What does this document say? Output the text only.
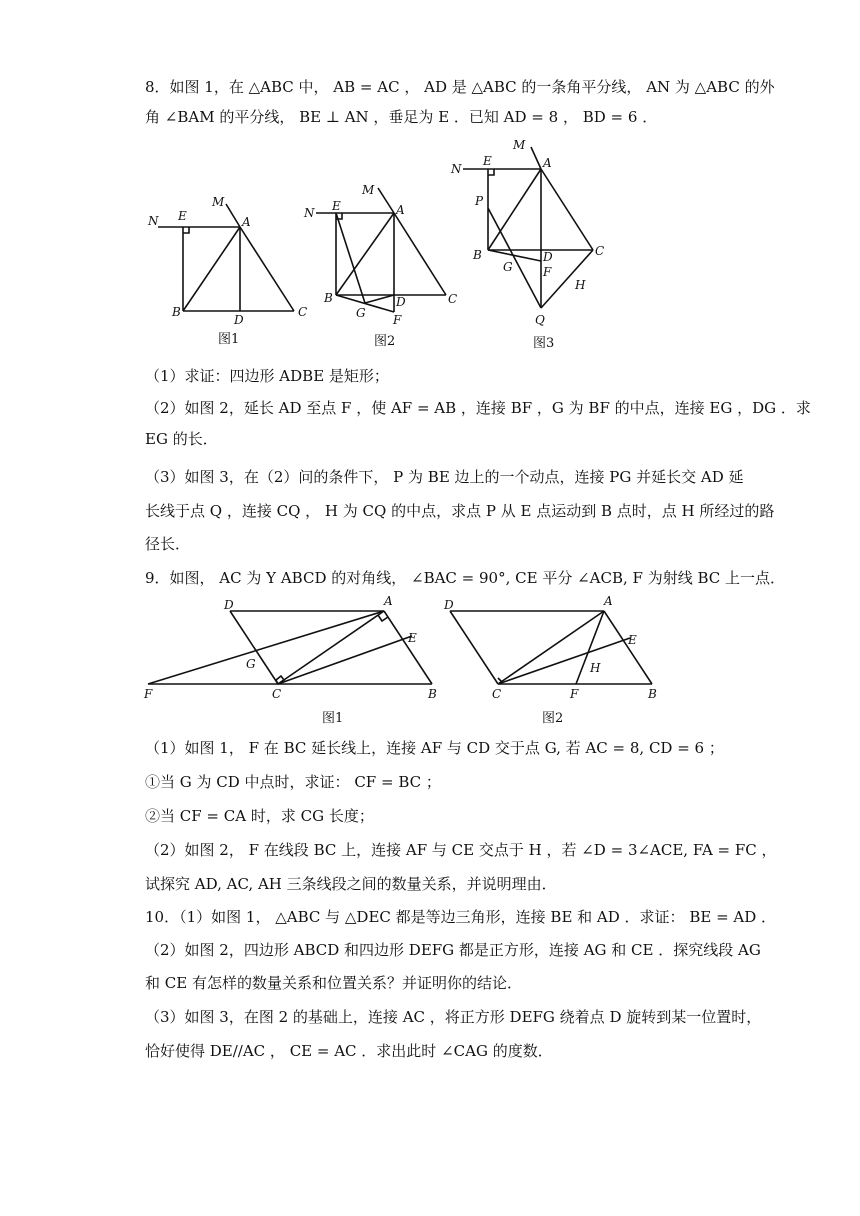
8．如图 1，在 △ABC 中， AB = AC ， AD 是 △ABC 的一条角平分线， AN 为 △ABC 的外
角 ∠BAM 的平分线， BE ⊥ AN ，垂足为 E ．已知 AD = 8 ， BD = 6 ．
N E
M
A
B
D
C
图1
N E
M
A
B
G
D
F
C
图2
N
E
M
A
P
B
G
D
F
C
H
Q
图3
（1）求证：四边形 ADBE 是矩形；
（2）如图 2，延长 AD 至点 F ，使 AF = AB ，连接 BF ，G 为 BF 的中点，连接 EG ，DG ．求
EG 的长．
（3）如图 3，在（2）问的条件下， P 为 BE 边上的一个动点，连接 PG 并延长交 AD 延
长线于点 Q ，连接 CQ ， H 为 CQ 的中点，求点 P 从 E 点运动到 B 点时，点 H 所经过的路
径长．
9．如图， AC 为 Y ABCD 的对角线， ∠BAC = 90°, CE 平分 ∠ACB, F 为射线 BC 上一点．
D	A
E
G
F	C	B
图1
D	A
E
H
C	F	B
图2
（1）如图 1， F 在 BC 延长线上，连接 AF 与 CD 交于点 G, 若 AC = 8, CD = 6 ；
①当 G 为 CD 中点时，求证： CF = BC ；
②当 CF = CA 时，求 CG 长度；
（2）如图 2， F 在线段 BC 上，连接 AF 与 CE 交点于 H ，若 ∠D = 3∠ACE, FA = FC ，
试探究 AD, AC, AH 三条线段之间的数量关系，并说明理由．
10．（1）如图 1， △ABC 与 △DEC 都是等边三角形，连接 BE 和 AD ．求证： BE = AD ．
（2）如图 2，四边形 ABCD 和四边形 DEFG 都是正方形，连接 AG 和 CE ．探究线段 AG
和 CE 有怎样的数量关系和位置关系？并证明你的结论．
（3）如图 3，在图 2 的基础上，连接 AC ，将正方形 DEFG 绕着点 D 旋转到某一位置时，
恰好使得 DE//AC ， CE = AC ．求出此时 ∠CAG 的度数．
